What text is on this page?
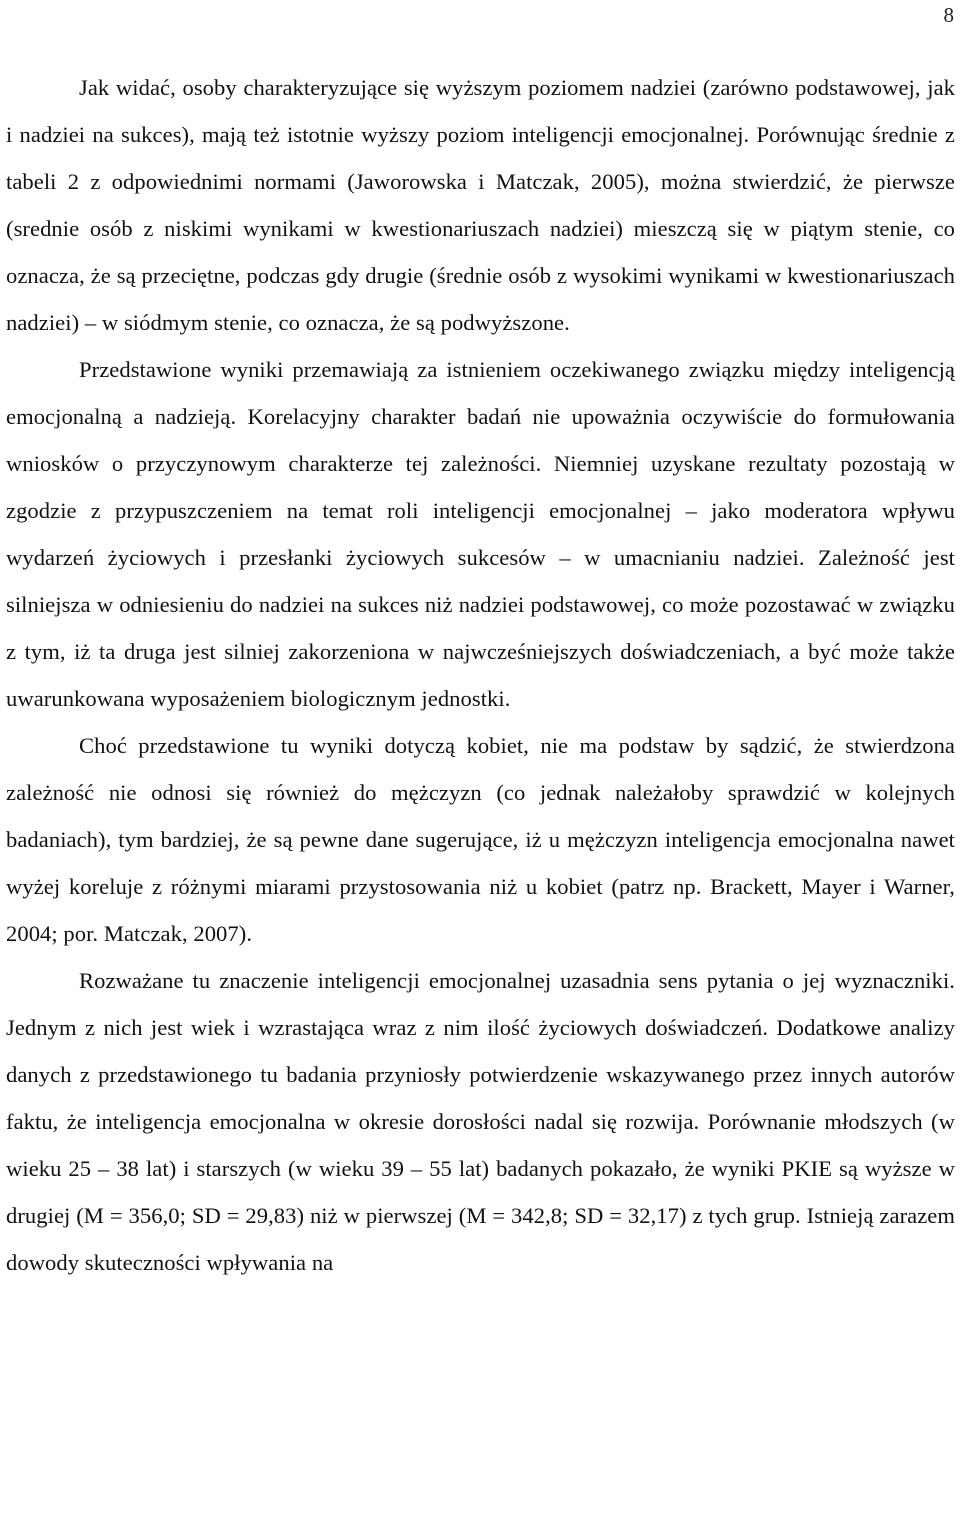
8

Jak widać, osoby charakteryzujące się wyższym poziomem nadziei (zarówno podstawowej, jak i nadziei na sukces), mają też istotnie wyższy poziom inteligencji emocjonalnej. Porównując średnie z tabeli 2 z odpowiednimi normami (Jaworowska i Matczak, 2005), można stwierdzić, że pierwsze (srednie osób z niskimi wynikami w kwestionariuszach nadziei) mieszczą się w piątym stenie, co oznacza, że są przeciętne, podczas gdy drugie (średnie osób z wysokimi wynikami w kwestionariuszach nadziei) – w siódmym stenie, co oznacza, że są podwyższone.

Przedstawione wyniki przemawiają za istnieniem oczekiwanego związku między inteligencją emocjonalną a nadzieją. Korelacyjny charakter badań nie upoważnia oczywiście do formułowania wniosków o przyczynowym charakterze tej zależności. Niemniej uzyskane rezultaty pozostają w zgodzie z przypuszczeniem na temat roli inteligencji emocjonalnej – jako moderatora wpływu wydarzeń życiowych i przesłanki życiowych sukcesów – w umacnianiu nadziei. Zależność jest silniejsza w odniesieniu do nadziei na sukces niż nadziei podstawowej, co może pozostawać w związku z tym, iż ta druga jest silniej zakorzeniona w najwcześniejszych doświadczeniach, a być może także uwarunkowana wyposażeniem biologicznym jednostki.

Choć przedstawione tu wyniki dotyczą kobiet, nie ma podstaw by sądzić, że stwierdzona zależność nie odnosi się również do mężczyzn (co jednak należałoby sprawdzić w kolejnych badaniach), tym bardziej, że są pewne dane sugerujące, iż u mężczyzn inteligencja emocjonalna nawet wyżej koreluje z różnymi miarami przystosowania niż u kobiet (patrz np. Brackett, Mayer i Warner, 2004; por. Matczak, 2007).

Rozważane tu znaczenie inteligencji emocjonalnej uzasadnia sens pytania o jej wyznaczniki. Jednym z nich jest wiek i wzrastająca wraz z nim ilość życiowych doświadczeń. Dodatkowe analizy danych z przedstawionego tu badania przyniosły potwierdzenie wskazywanego przez innych autorów faktu, że inteligencja emocjonalna w okresie dorosłości nadal się rozwija. Porównanie młodszych (w wieku 25 – 38 lat) i starszych (w wieku 39 – 55 lat) badanych pokazało, że wyniki PKIE są wyższe w drugiej (M = 356,0; SD = 29,83) niż w pierwszej (M = 342,8; SD = 32,17) z tych grup. Istnieją zarazem dowody skuteczności wpływania na
